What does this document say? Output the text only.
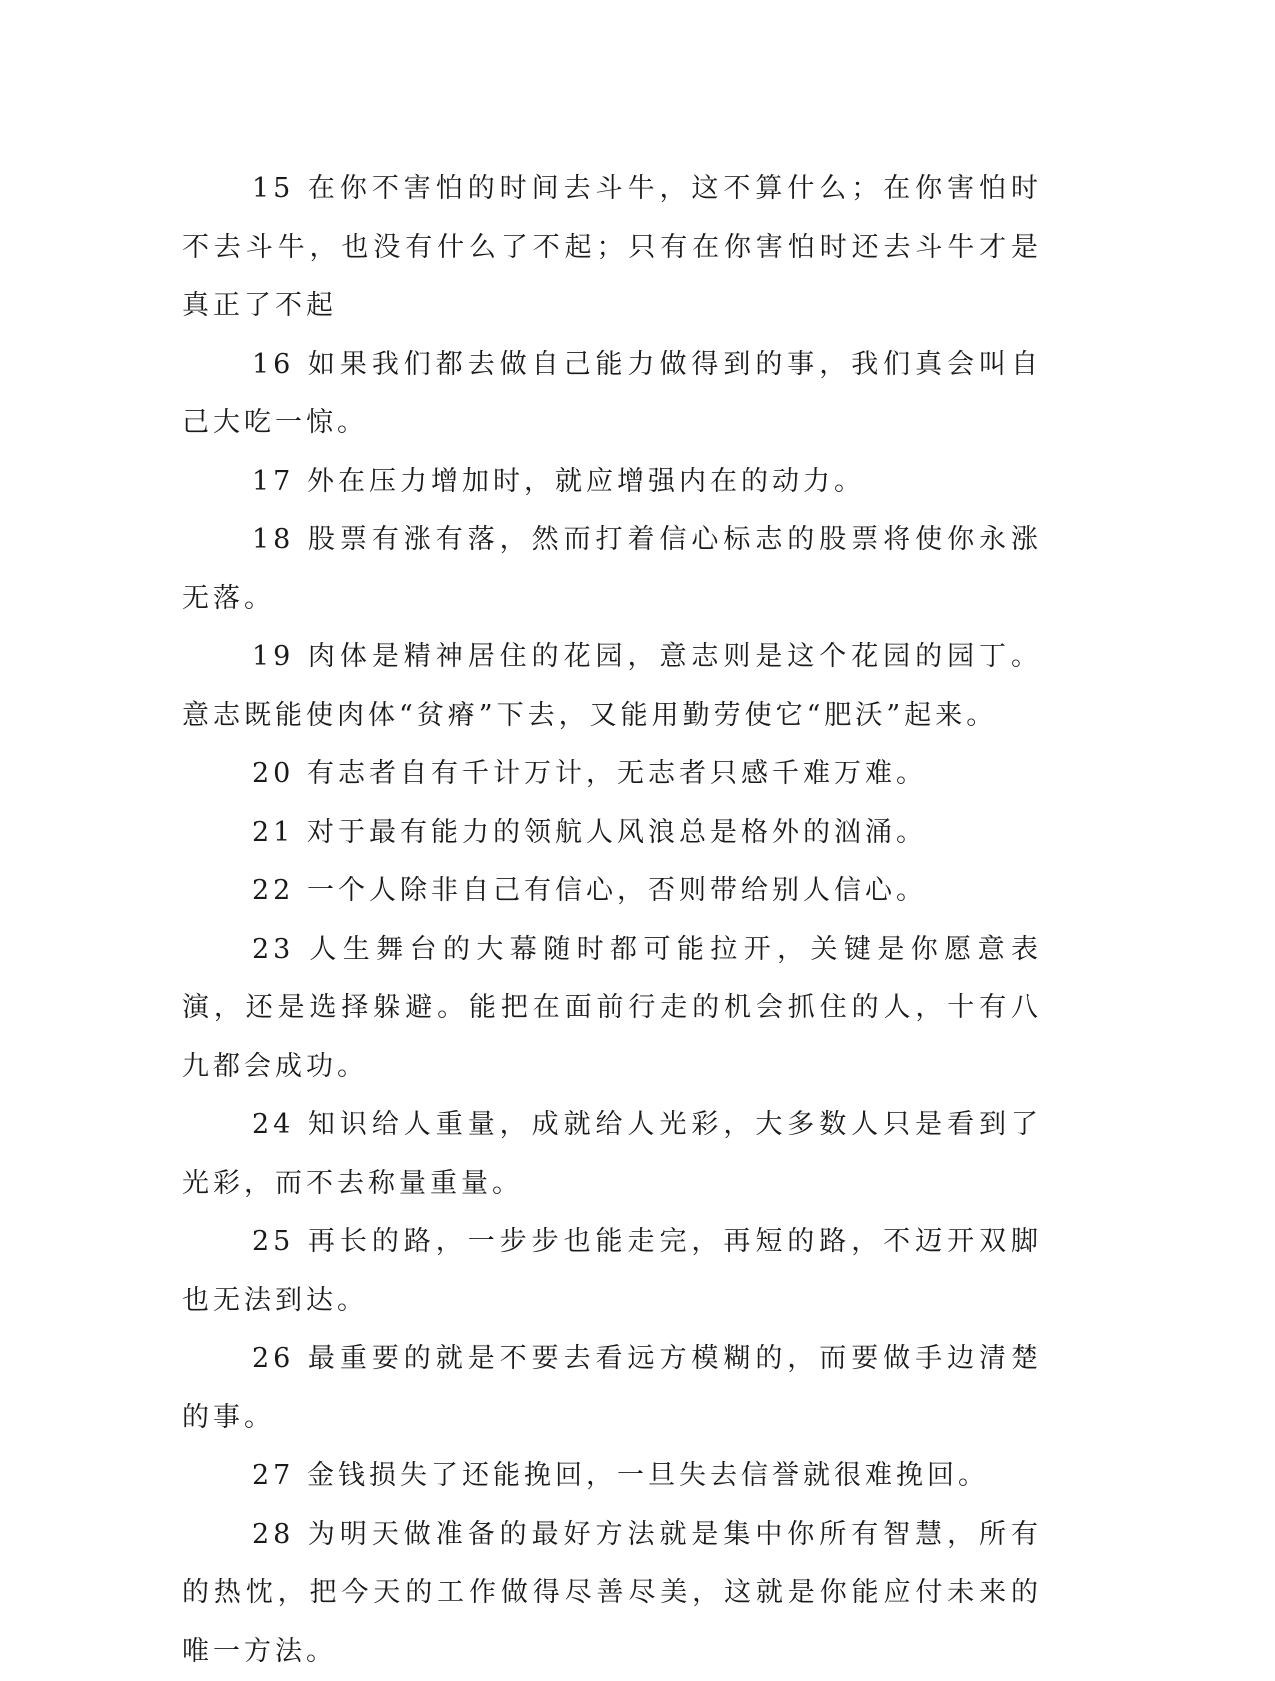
15 在你不害怕的时间去斗牛，这不算什么；在你害怕时不去斗牛，也没有什么了不起；只有在你害怕时还去斗牛才是真正了不起

16 如果我们都去做自己能力做得到的事，我们真会叫自己大吃一惊。

17 外在压力增加时，就应增强内在的动力。

18 股票有涨有落，然而打着信心标志的股票将使你永涨无落。

19 肉体是精神居住的花园，意志则是这个花园的园丁。意志既能使肉体“贫瘠”下去，又能用勤劳使它“肥沃”起来。

20 有志者自有千计万计，无志者只感千难万难。

21 对于最有能力的领航人风浪总是格外的汹涌。

22 一个人除非自己有信心，否则带给别人信心。

23 人生舞台的大幕随时都可能拉开，关键是你愿意表演，还是选择躲避。能把在面前行走的机会抓住的人，十有八九都会成功。

24 知识给人重量，成就给人光彩，大多数人只是看到了光彩，而不去称量重量。

25 再长的路，一步步也能走完，再短的路，不迈开双脚也无法到达。

26 最重要的就是不要去看远方模糊的，而要做手边清楚的事。

27 金钱损失了还能挽回，一旦失去信誉就很难挽回。

28 为明天做准备的最好方法就是集中你所有智慧，所有的热忱，把今天的工作做得尽善尽美，这就是你能应付未来的唯一方法。
